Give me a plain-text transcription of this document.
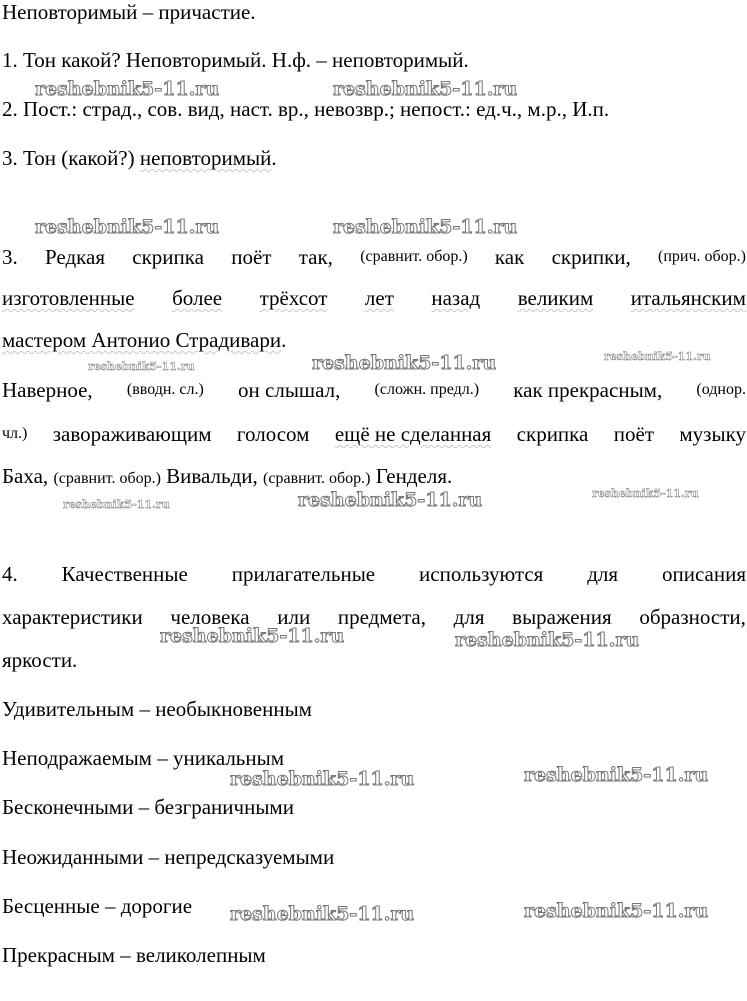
Неповторимый – причастие.
1. Тон какой? Неповторимый. Н.ф. – неповторимый.
2. Пост.: страд., сов. вид, наст. вр., невозвр.; непост.: ед.ч., м.р., И.п.
3. Тон (какой?) неповторимый.
3. Редкая скрипка поёт так, (сравнит. обор.) как скрипки, (прич. обор.)
изготовленные более трёхсот лет назад великим итальянским
мастером Антонио Страдивари.
Наверное, (вводн. сл.) он слышал, (сложн. предл.) как прекрасным, (однор.
чл.) завораживающим голосом ещё не сделанная скрипка поёт музыку
Баха, (сравнит. обор.) Вивальди, (сравнит. обор.) Генделя.
4. Качественные прилагательные используются для описания
характеристики человека или предмета, для выражения образности,
яркости.
Удивительным – необыкновенным
Неподражаемым – уникальным
Бесконечными – безграничными
Неожиданными – непредсказуемыми
Бесценные – дорогие
Прекрасным – великолепным
reshebnik5-11.ru	reshebnik5-11.ru
reshebnik5-11.ru	reshebnik5-11.ru
reshebnik5-11.ru	reshebnik5-11.ru	reshebnik5-11.ru
reshebnik5-11.ru	reshebnik5-11.ru	reshebnik5-11.ru
reshebnik5-11.ru	reshebnik5-11.ru
reshebnik5-11.ru	reshebnik5-11.ru
reshebnik5-11.ru	reshebnik5-11.ru
